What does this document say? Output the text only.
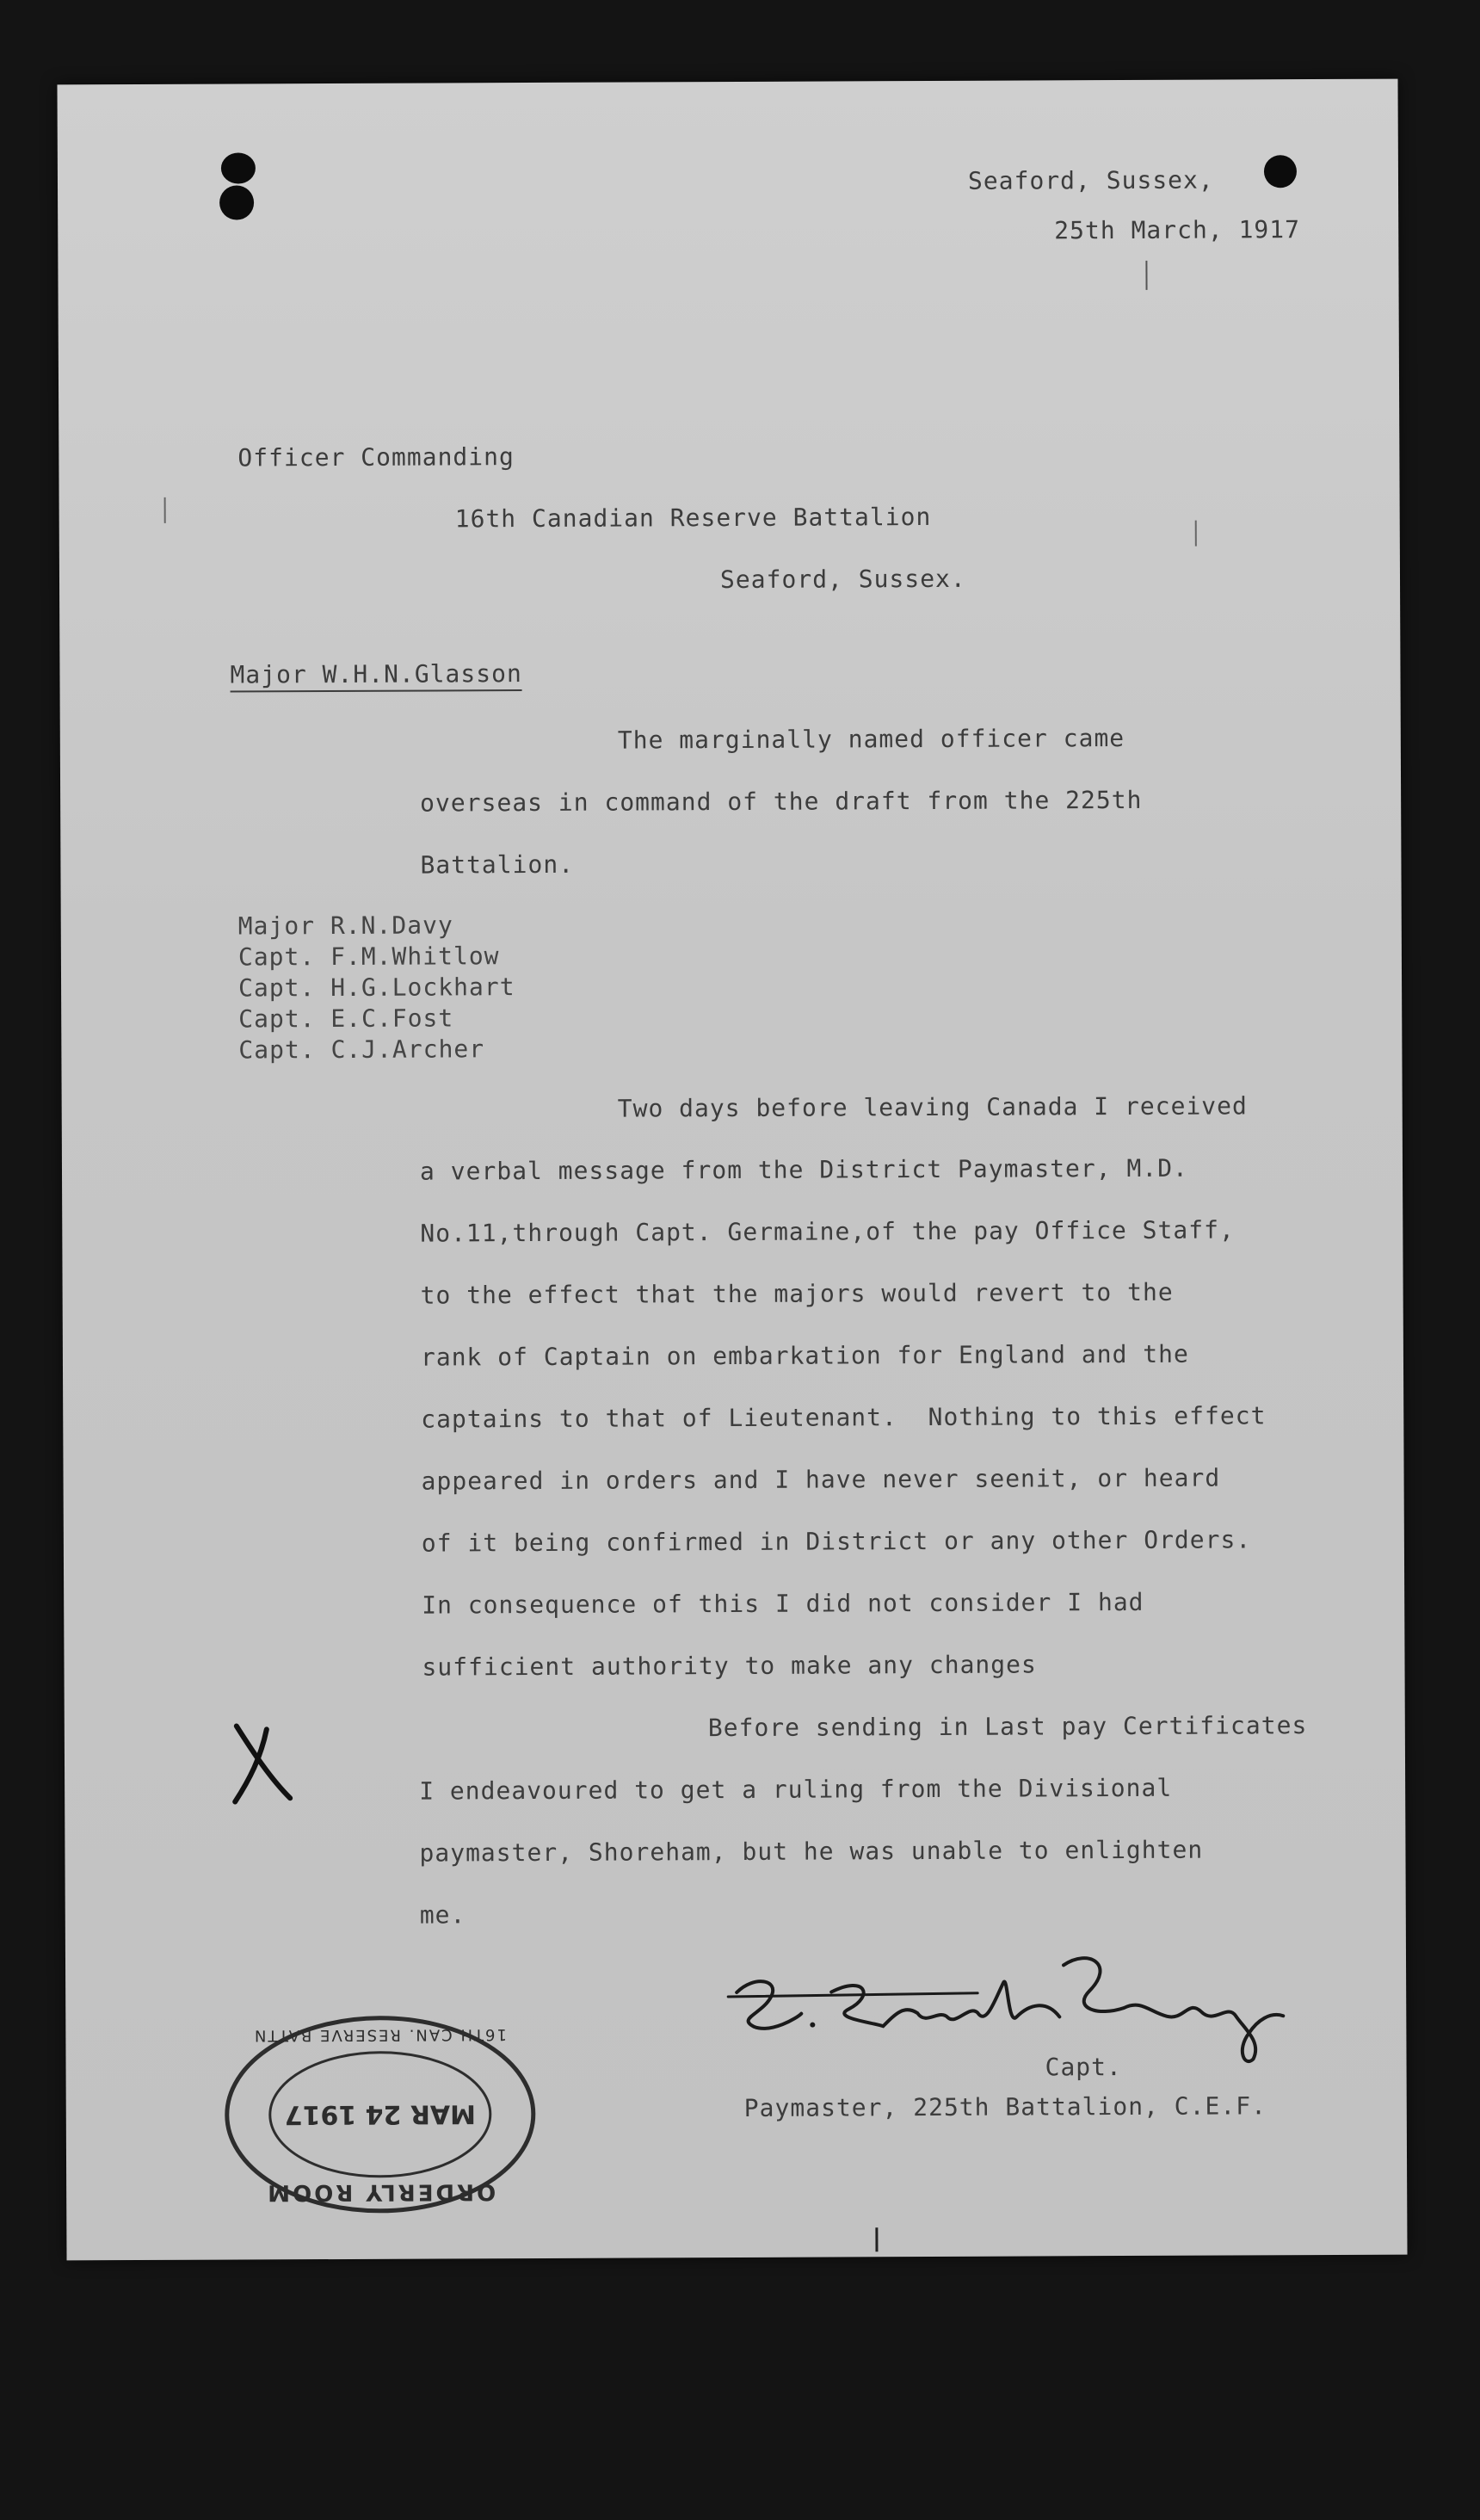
Seaford, Sussex,
25th March, 1917
Officer Commanding
16th Canadian Reserve Battalion
Seaford, Sussex.
Major W.H.N.Glasson
The marginally named officer came
overseas in command of the draft from the 225th
Battalion.
Major R.N.Davy
Capt. F.M.Whitlow
Capt. H.G.Lockhart
Capt. E.C.Fost
Capt. C.J.Archer
Two days before leaving Canada I received
a verbal message from the District Paymaster, M.D.
No.11,through Capt. Germaine,of the pay Office Staff,
to the effect that the majors would revert to the
rank of Captain on embarkation for England and the
captains to that of Lieutenant.  Nothing to this effect
appeared in orders and I have never seenit, or heard
of it being confirmed in District or any other Orders.
In consequence of this I did not consider I had
sufficient authority to make any changes
Before sending in Last pay Certificates
I endeavoured to get a ruling from the Divisional
paymaster, Shoreham, but he was unable to enlighten
me.
Capt.
Paymaster, 225th Battalion, C.E.F.
ORDERLY ROOM
MAR 24 1917
16TH CAN. RESERVE BATTN
